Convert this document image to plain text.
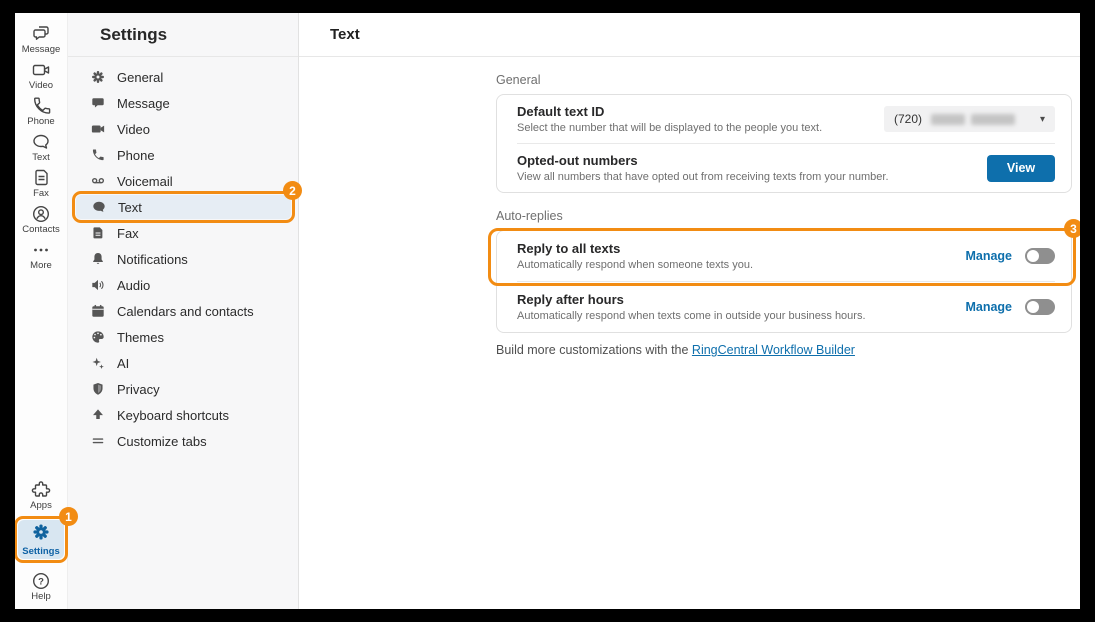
Message
Video
Phone
Text
Fax
Contacts
More
Apps
Settings
1
?
Help
Settings
General
Message
Video
Phone
Voicemail
Text
2
Fax
Notifications
Audio
Calendars and contacts
Themes
AI
Privacy
Keyboard shortcuts
Customize tabs
Text
General
Default text ID
Select the number that will be displayed to the people you text.
(720)	▾
Opted-out numbers
View all numbers that have opted out from receiving texts from your number.
View
Auto-replies
Reply to all texts
Automatically respond when someone texts you.
Manage
3
Reply after hours
Automatically respond when texts come in outside your business hours.
Manage
Build more customizations with the RingCentral Workflow Builder
